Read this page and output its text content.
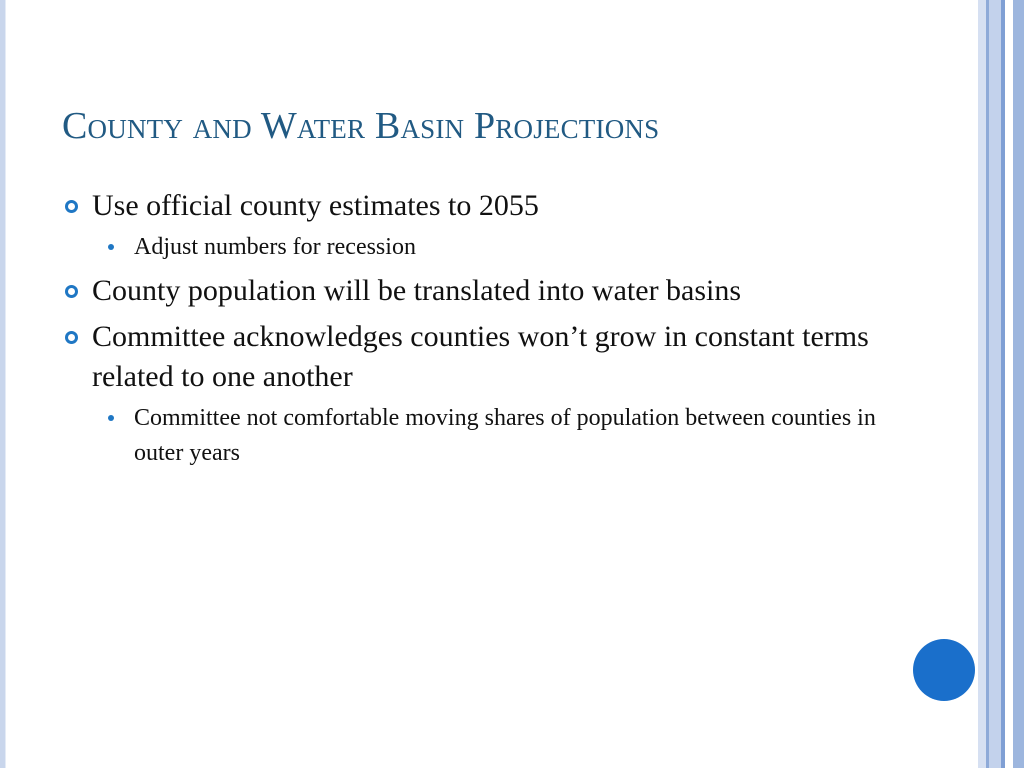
County and Water Basin Projections
Use official county estimates to 2055
Adjust numbers for recession
County population will be translated into water basins
Committee acknowledges counties won’t grow in constant terms related to one another
Committee not comfortable moving shares of population between counties in outer years
